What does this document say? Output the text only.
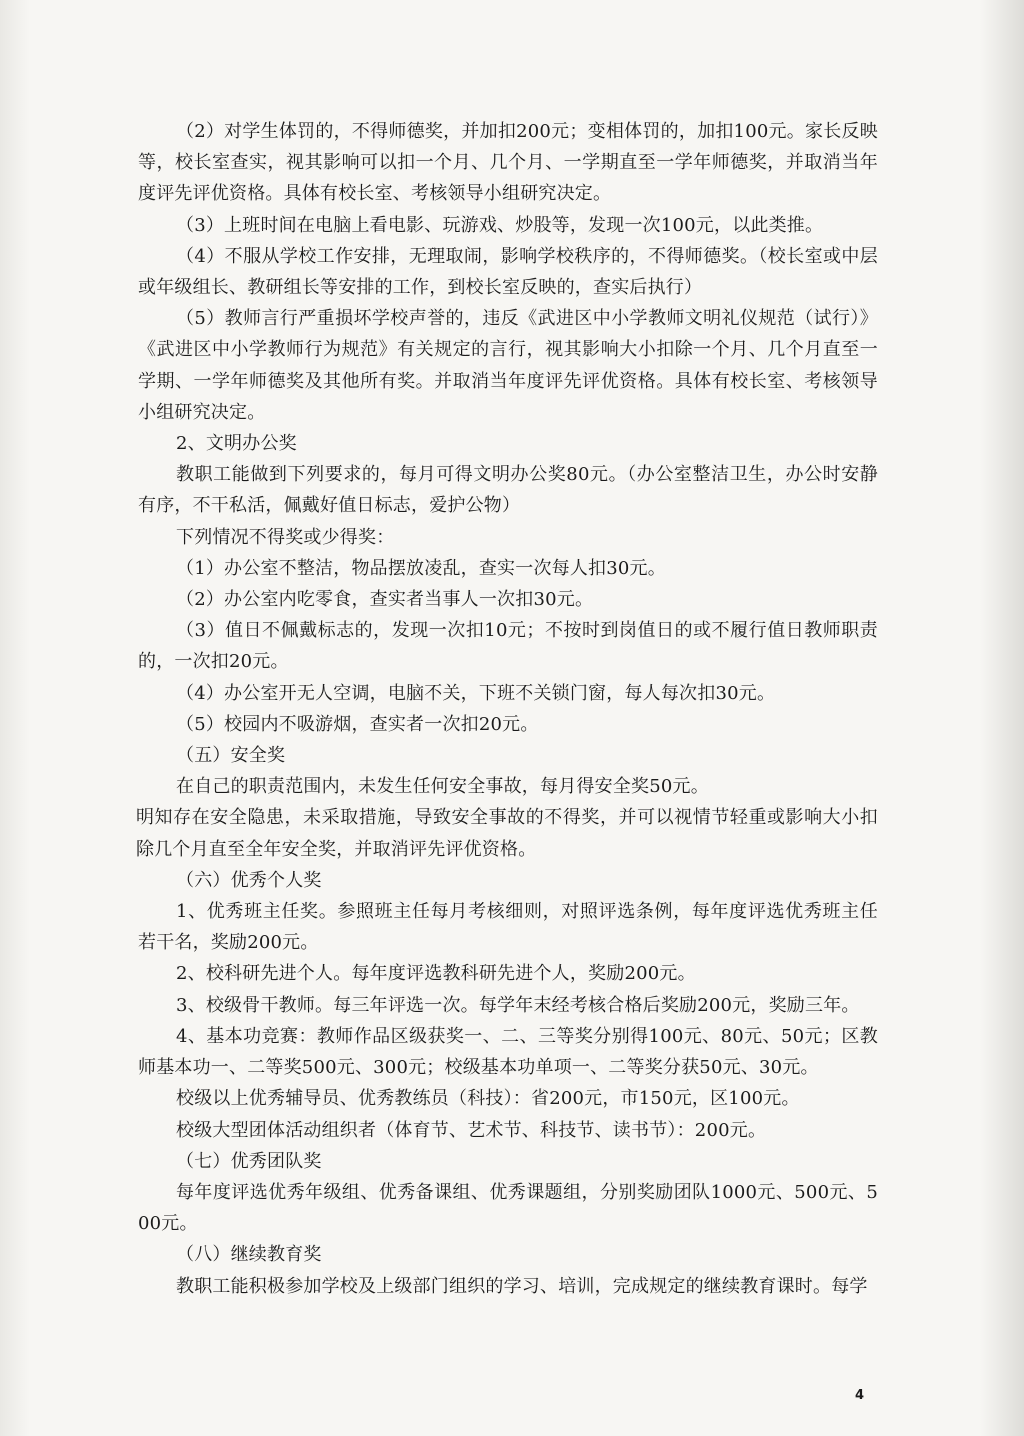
（2）对学生体罚的，不得师德奖，并加扣200元；变相体罚的，加扣100元。家长反映等，校长室查实，视其影响可以扣一个月、几个月、一学期直至一学年师德奖，并取消当年度评先评优资格。具体有校长室、考核领导小组研究决定。

（3）上班时间在电脑上看电影、玩游戏、炒股等，发现一次100元，以此类推。

（4）不服从学校工作安排，无理取闹，影响学校秩序的，不得师德奖。（校长室或中层或年级组长、教研组长等安排的工作，到校长室反映的，查实后执行）

（5）教师言行严重损坏学校声誉的，违反《武进区中小学教师文明礼仪规范（试行）》《武进区中小学教师行为规范》有关规定的言行，视其影响大小扣除一个月、几个月直至一学期、一学年师德奖及其他所有奖。并取消当年度评先评优资格。具体有校长室、考核领导小组研究决定。

2、文明办公奖

教职工能做到下列要求的，每月可得文明办公奖80元。（办公室整洁卫生，办公时安静有序，不干私活，佩戴好值日标志，爱护公物）

下列情况不得奖或少得奖：

（1）办公室不整洁，物品摆放凌乱，查实一次每人扣30元。

（2）办公室内吃零食，查实者当事人一次扣30元。

（3）值日不佩戴标志的，发现一次扣10元；不按时到岗值日的或不履行值日教师职责的，一次扣20元。

（4）办公室开无人空调，电脑不关，下班不关锁门窗，每人每次扣30元。

（5）校园内不吸游烟，查实者一次扣20元。

（五）安全奖

在自己的职责范围内，未发生任何安全事故，每月得安全奖50元。

明知存在安全隐患，未采取措施，导致安全事故的不得奖，并可以视情节轻重或影响大小扣除几个月直至全年安全奖，并取消评先评优资格。

（六）优秀个人奖

1、优秀班主任奖。参照班主任每月考核细则，对照评选条例，每年度评选优秀班主任若干名，奖励200元。

2、校科研先进个人。每年度评选教科研先进个人，奖励200元。

3、校级骨干教师。每三年评选一次。每学年末经考核合格后奖励200元，奖励三年。

4、基本功竞赛：教师作品区级获奖一、二、三等奖分别得100元、80元、50元；区教师基本功一、二等奖500元、300元；校级基本功单项一、二等奖分获50元、30元。

校级以上优秀辅导员、优秀教练员（科技）：省200元，市150元，区100元。

校级大型团体活动组织者（体育节、艺术节、科技节、读书节）：200元。

（七）优秀团队奖

每年度评选优秀年级组、优秀备课组、优秀课题组，分别奖励团队1000元、500元、500元。

（八）继续教育奖

教职工能积极参加学校及上级部门组织的学习、培训，完成规定的继续教育课时。每学

4
